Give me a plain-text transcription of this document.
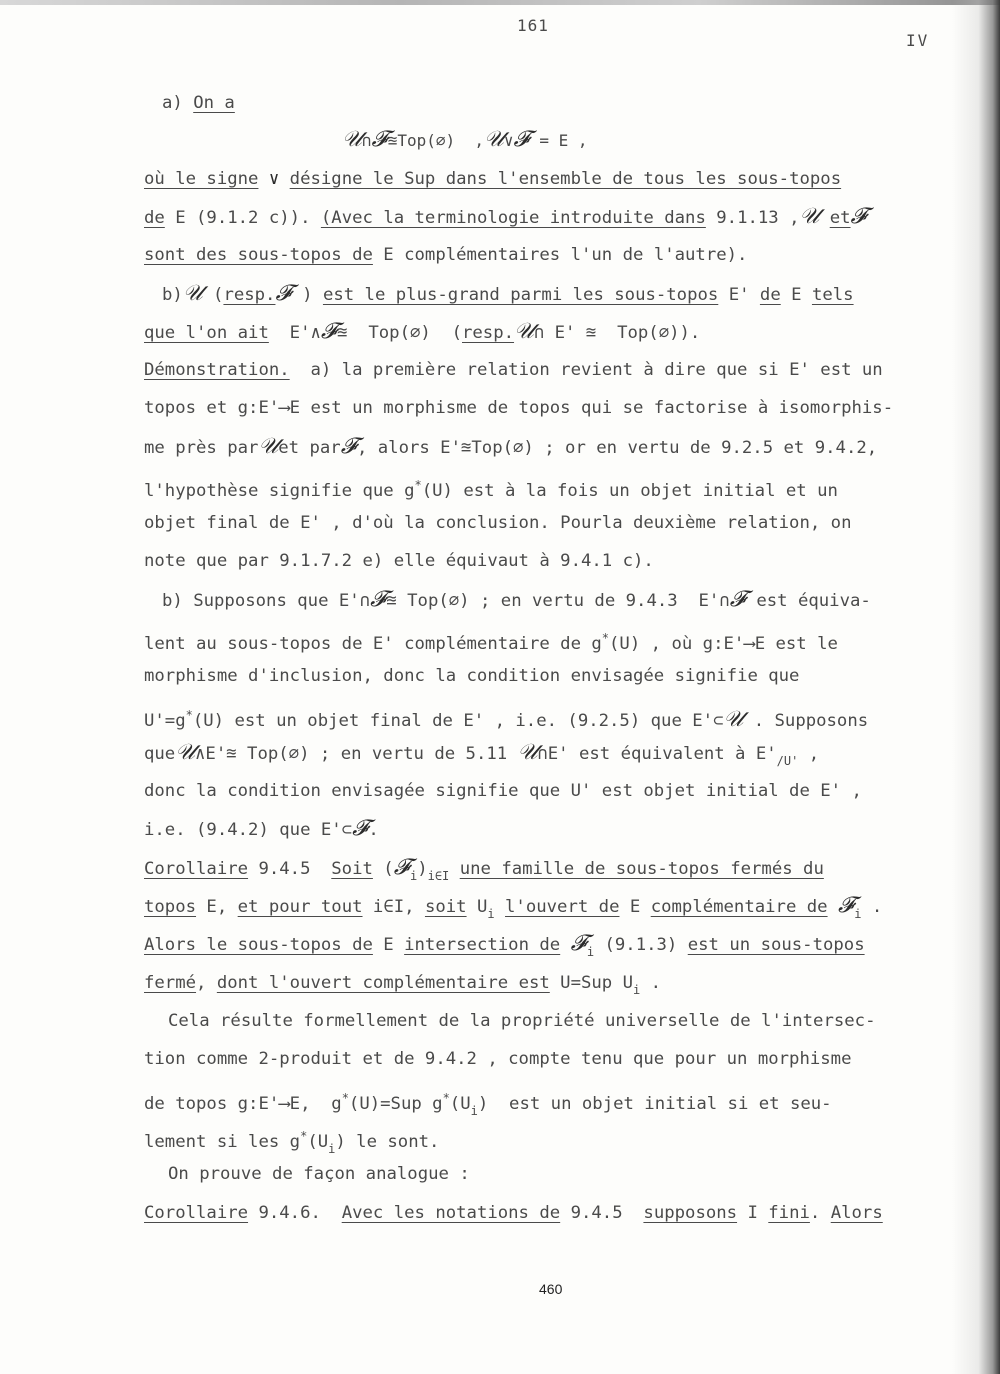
161
IV
a) On a
𝒰∩𝓕≊Top(∅)  ,𝒰∨𝓕 = E ,
où le signe ∨ désigne le Sup dans l'ensemble de tous les sous-topos
de E (9.1.2 c)). (Avec la terminologie introduite dans 9.1.13 ,𝒰 et𝓕
sont des sous-topos de E complémentaires l'un de l'autre).
b)𝒰 (resp.𝓕 ) est le plus-grand parmi les sous-topos E' de E tels
que l'on ait  E'∧𝓕≊  Top(∅)  (resp.𝒰∩ E' ≊  Top(∅)).
Démonstration.  a) la première relation revient à dire que si E' est un
topos et g:E'⟶E est un morphisme de topos qui se factorise à isomorphis-
me près par𝒰et par𝓕, alors E'≊Top(∅) ; or en vertu de 9.2.5 et 9.4.2,
l'hypothèse signifie que g*(U) est à la fois un objet initial et un
objet final de E' , d'où la conclusion. Pourla deuxième relation, on
note que par 9.1.7.2 e) elle équivaut à 9.4.1 c).
b) Supposons que E'∩𝓕≊ Top(∅) ; en vertu de 9.4.3  E'∩𝓕 est équiva-
lent au sous-topos de E' complémentaire de g*(U) , où g:E'⟶E est le
morphisme d'inclusion, donc la condition envisagée signifie que
U'=g*(U) est un objet final de E' , i.e. (9.2.5) que E'⊂𝒰 . Supposons
que𝒰∧E'≊ Top(∅) ; en vertu de 5.11 𝒰∩E' est équivalent à $E'_{/U'}$ ,
donc la condition envisagée signifie que U' est objet initial de E' ,
i.e. (9.4.2) que E'⊂𝓕.
Corollaire 9.4.5  Soit $(𝓕_i)_{i\in I}$ une famille de sous-topos fermés du
topos E, et pour tout i∈I, soit $U_i$ l'ouvert de E complémentaire de 𝓕$_i$ .
Alors le sous-topos de E intersection de 𝓕$_i$ (9.1.3) est un sous-topos
fermé, dont l'ouvert complémentaire est U=Sup $U_i$ .
Cela résulte formellement de la propriété universelle de l'intersec-
tion comme 2-produit et de 9.4.2 , compte tenu que pour un morphisme
de topos g:E'⟶E,  g*(U)=Sup $g^*(U_i)$  est un objet initial si et seu-
lement si les $g^*(U_i)$ le sont.
On prouve de façon analogue :
Corollaire 9.4.6.  Avec les notations de 9.4.5  supposons I fini. Alors
460
